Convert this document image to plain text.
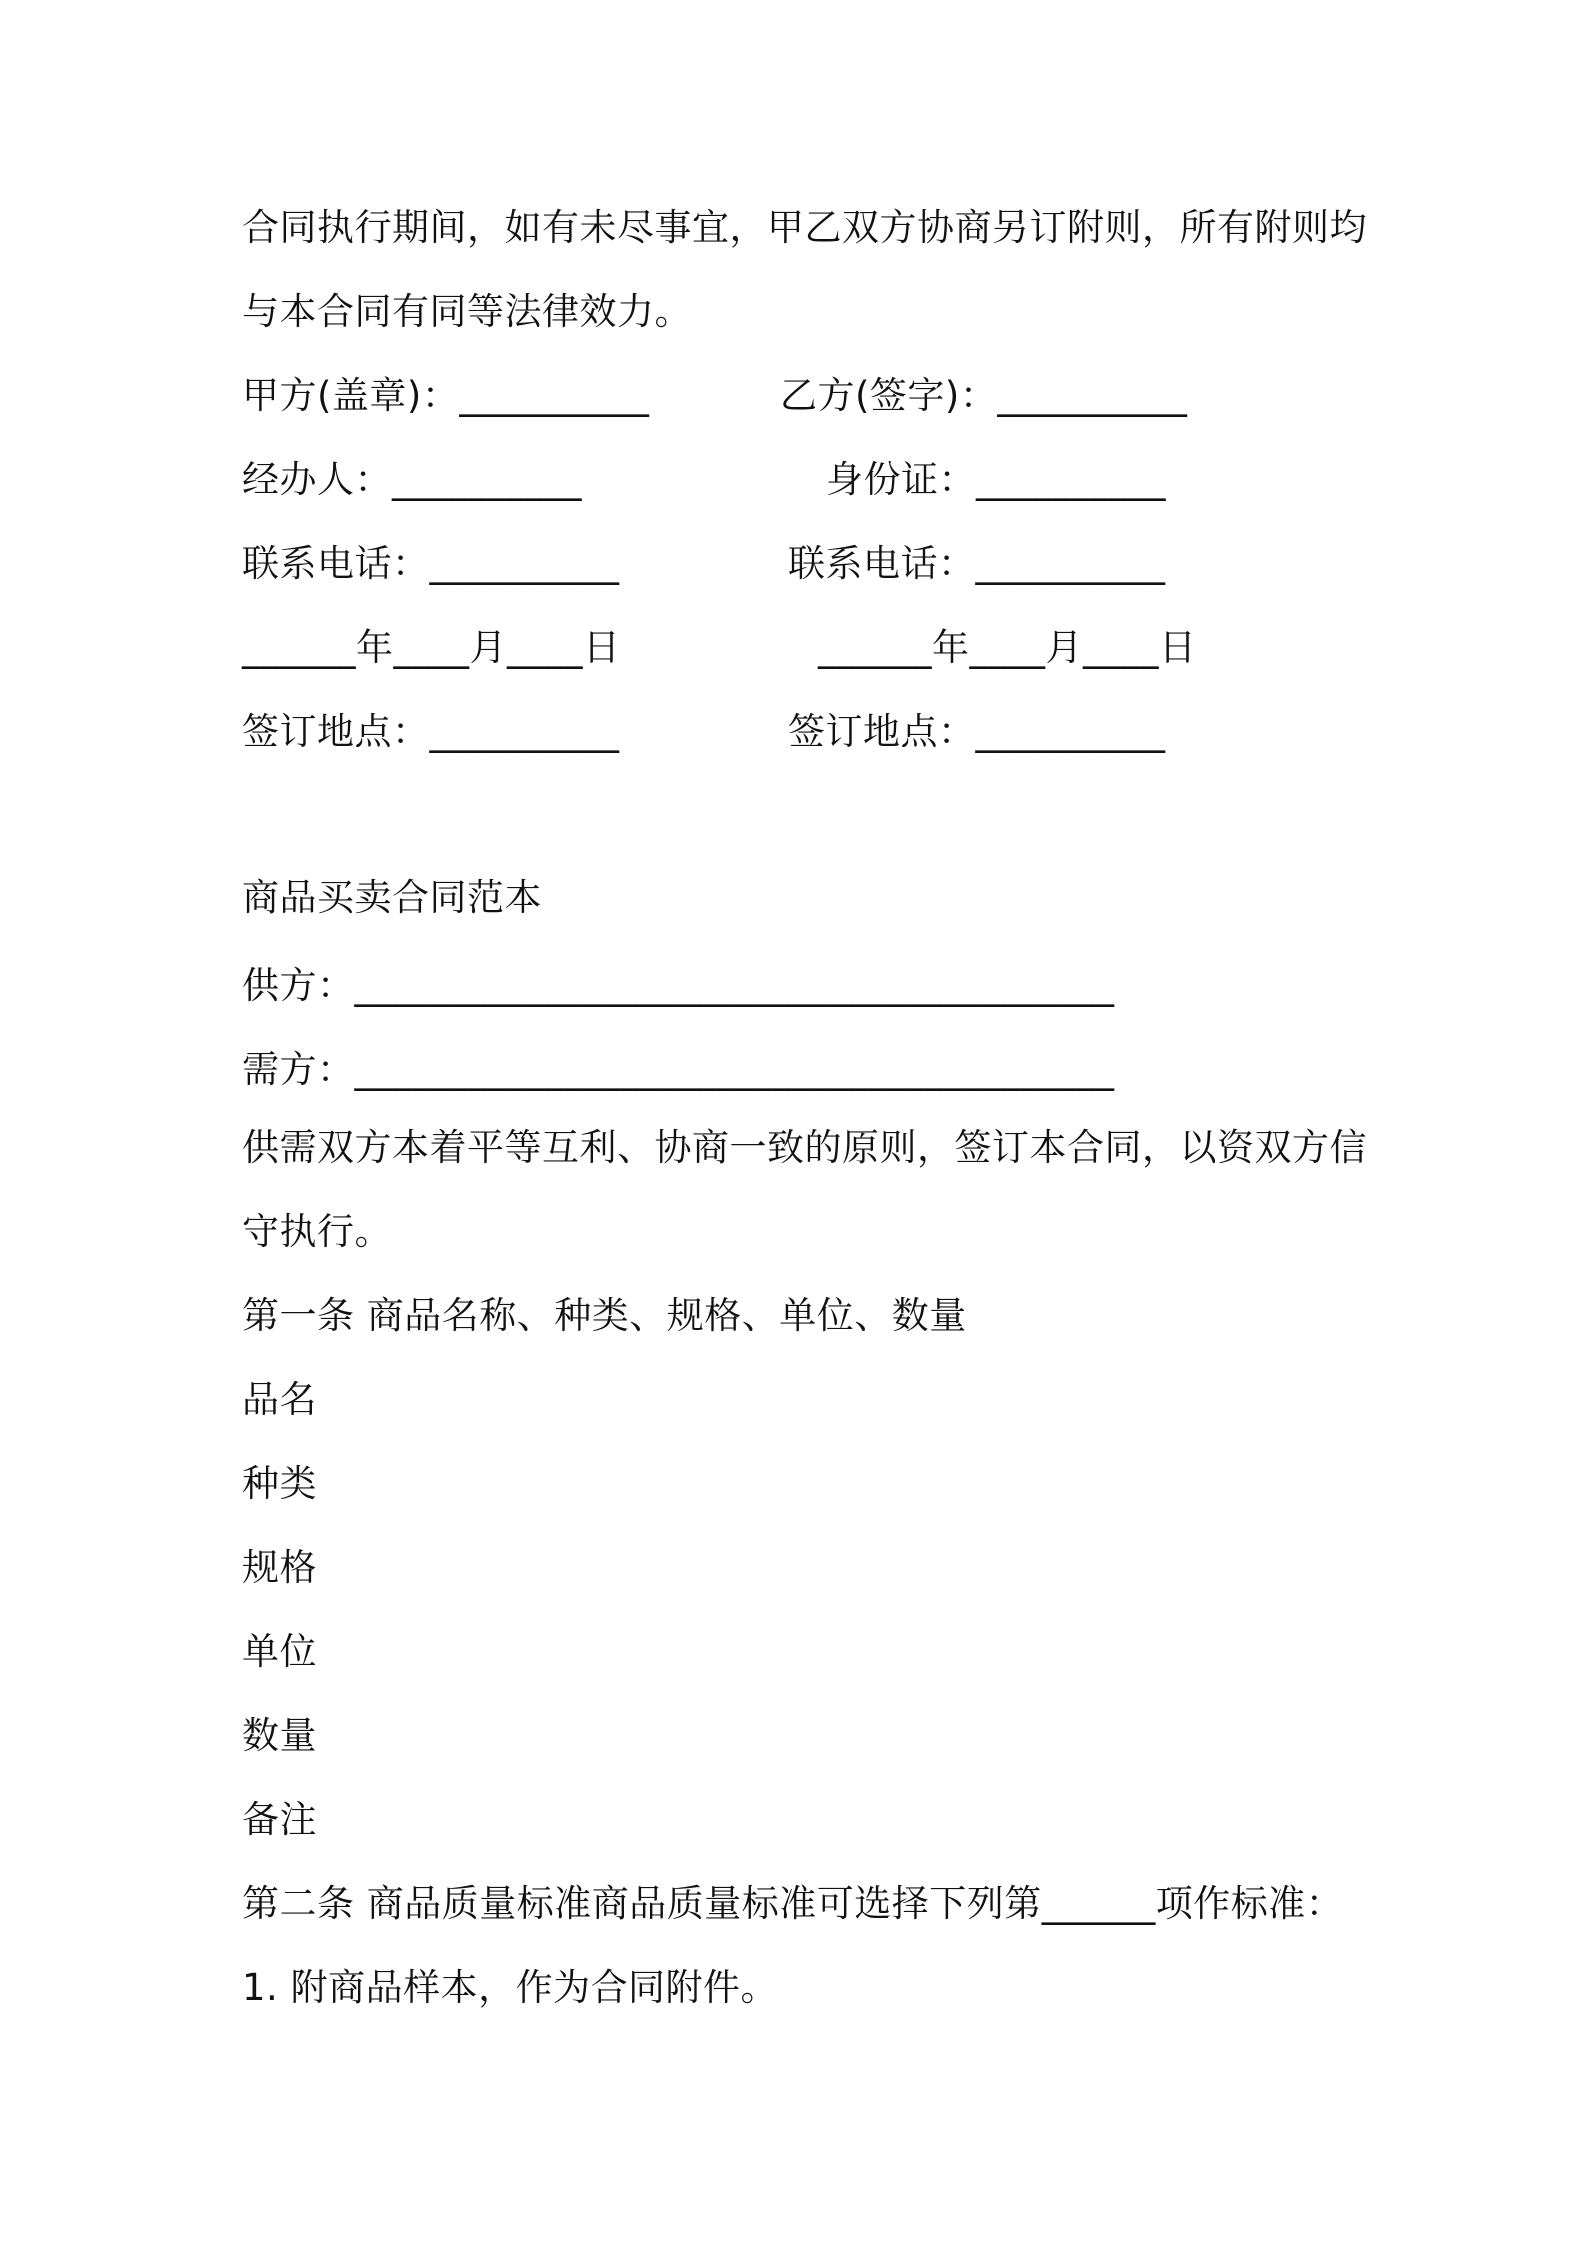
合同执行期间，如有未尽事宜，甲乙双方协商另订附则，所有附则均
与本合同有同等法律效力。
甲方(盖章)：__________	乙方(签字)：__________
经办人：__________	身份证：__________
联系电话：__________	联系电话：__________
______年____月____日	______年____月____日
签订地点：__________	签订地点：__________
商品买卖合同范本
供方：________________________________________
需方：________________________________________
供需双方本着平等互利、协商一致的原则，签订本合同，以资双方信
守执行。
第一条 商品名称、种类、规格、单位、数量
品名
种类
规格
单位
数量
备注
第二条 商品质量标准商品质量标准可选择下列第______项作标准：
1. 附商品样本，作为合同附件。
